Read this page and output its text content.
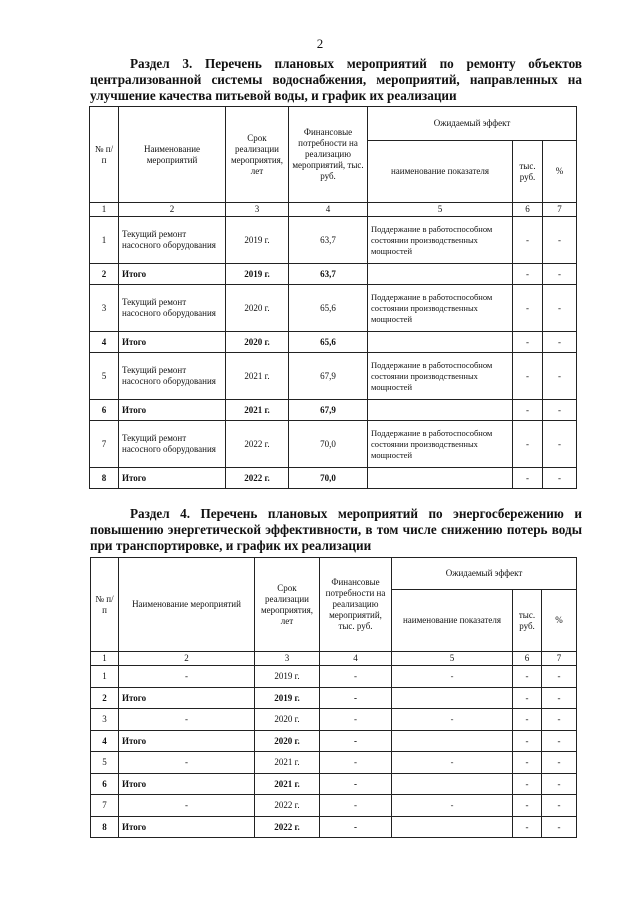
2
Раздел 3. Перечень плановых мероприятий по ремонту объектов централизованной системы водоснабжения, мероприятий, направленных на улучшение качества питьевой воды, и график их реализации
№ п/п	Наименование мероприятий	Срок реализации мероприятия, лет	Финансовые потребности на реализацию мероприятий, тыс. руб.	Ожидаемый эффект		
				наименование показателя	тыс. руб.	%
1	2	3	4	5	6	7
1	Текущий ремонт насосного оборудования	2019 г.	63,7	Поддержание в работоспособном состоянии производственных мощностей	-	-
2	Итого	2019 г.	63,7		-	-
3	Текущий ремонт насосного оборудования	2020 г.	65,6	Поддержание в работоспособном состоянии производственных мощностей	-	-
4	Итого	2020 г.	65,6		-	-
5	Текущий ремонт насосного оборудования	2021 г.	67,9	Поддержание в работоспособном состоянии производственных мощностей	-	-
6	Итого	2021 г.	67,9		-	-
7	Текущий ремонт насосного оборудования	2022 г.	70,0	Поддержание в работоспособном состоянии производственных мощностей	-	-
8	Итого	2022 г.	70,0		-	-
Раздел 4. Перечень плановых мероприятий по энергосбережению и повышению энергетической эффективности, в том числе снижению потерь воды при транспортировке, и график их реализации
№ п/п	Наименование мероприятий	Срок реализации мероприятия, лет	Финансовые потребности на реализацию мероприятий, тыс. руб.	Ожидаемый эффект		
				наименование показателя	тыс. руб.	%
1	2	3	4	5	6	7
1	-	2019 г.	-	-	-	-
2	Итого	2019 г.	-		-	-
3	-	2020 г.	-	-	-	-
4	Итого	2020 г.	-		-	-
5	-	2021 г.	-	-	-	-
6	Итого	2021 г.	-		-	-
7	-	2022 г.	-	-	-	-
8	Итого	2022 г.	-		-	-
